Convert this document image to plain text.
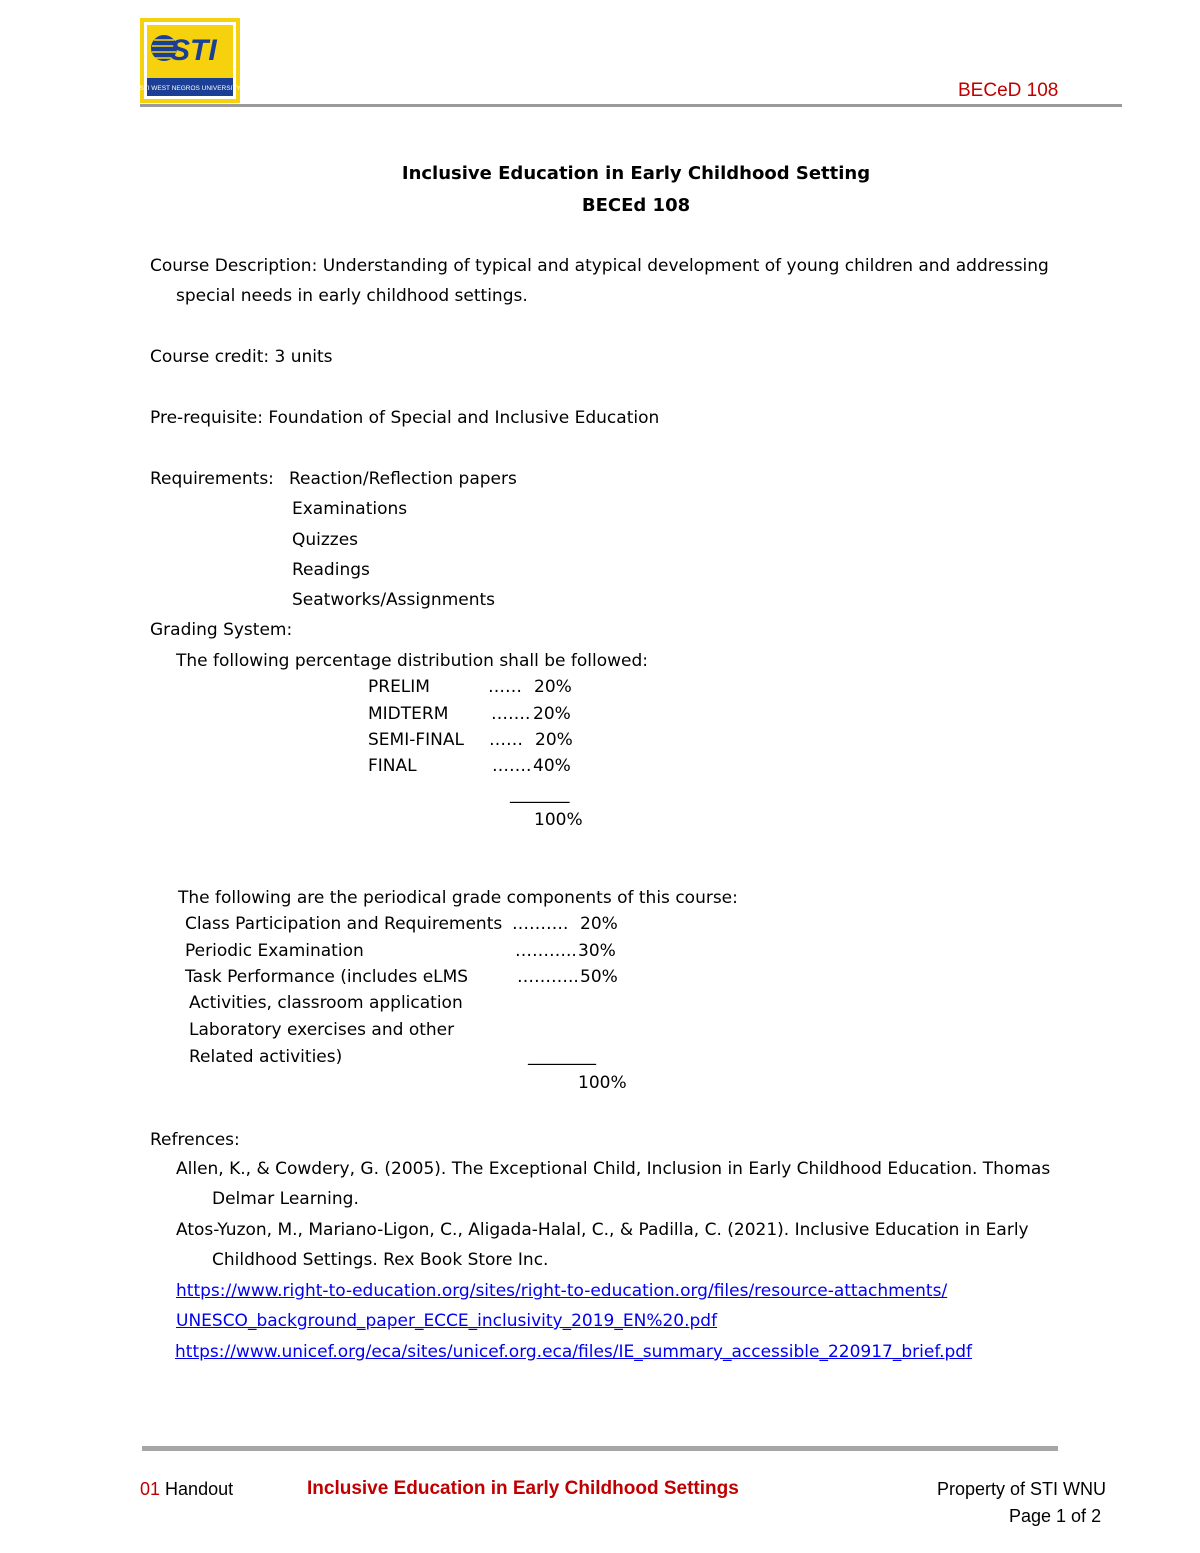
STI
STI WEST NEGROS UNIVERSITY	BECeD 108
Inclusive Education in Early Childhood Setting
BECEd 108
Course Description: Understanding of typical and atypical development of young children and addressing
special needs in early childhood settings.
Course credit: 3 units
Pre-requisite: Foundation of Special and Inclusive Education
Requirements: Reaction/Reflection papers
Examinations
Quizzes
Readings
Seatworks/Assignments
Grading System:
The following percentage distribution shall be followed:
PRELIM	…… 20%
MIDTERM	……. 20%
SEMI-FINAL …… 20%
FINAL	……. 40%
_______
100%
The following are the periodical grade components of this course:
Class Participation and Requirements ………. 20%
Periodic Examination	……….. 30%
Task Performance (includes eLMS	……….. 50%
Activities, classroom application
Laboratory exercises and other
Related activities)	________
100%
Refrences:
Allen, K., & Cowdery, G. (2005). The Exceptional Child, Inclusion in Early Childhood Education. Thomas
Delmar Learning.
Atos-Yuzon, M., Mariano-Ligon, C., Aligada-Halal, C., & Padilla, C. (2021). Inclusive Education in Early
Childhood Settings. Rex Book Store Inc.
https://www.right-to-education.org/sites/right-to-education.org/files/resource-attachments/
UNESCO_background_paper_ECCE_inclusivity_2019_EN%20.pdf
https://www.unicef.org/eca/sites/unicef.org.eca/files/IE_summary_accessible_220917_brief.pdf
01 Handout	Inclusive Education in Early Childhood Settings	Property of STI WNU
Page 1 of 2
